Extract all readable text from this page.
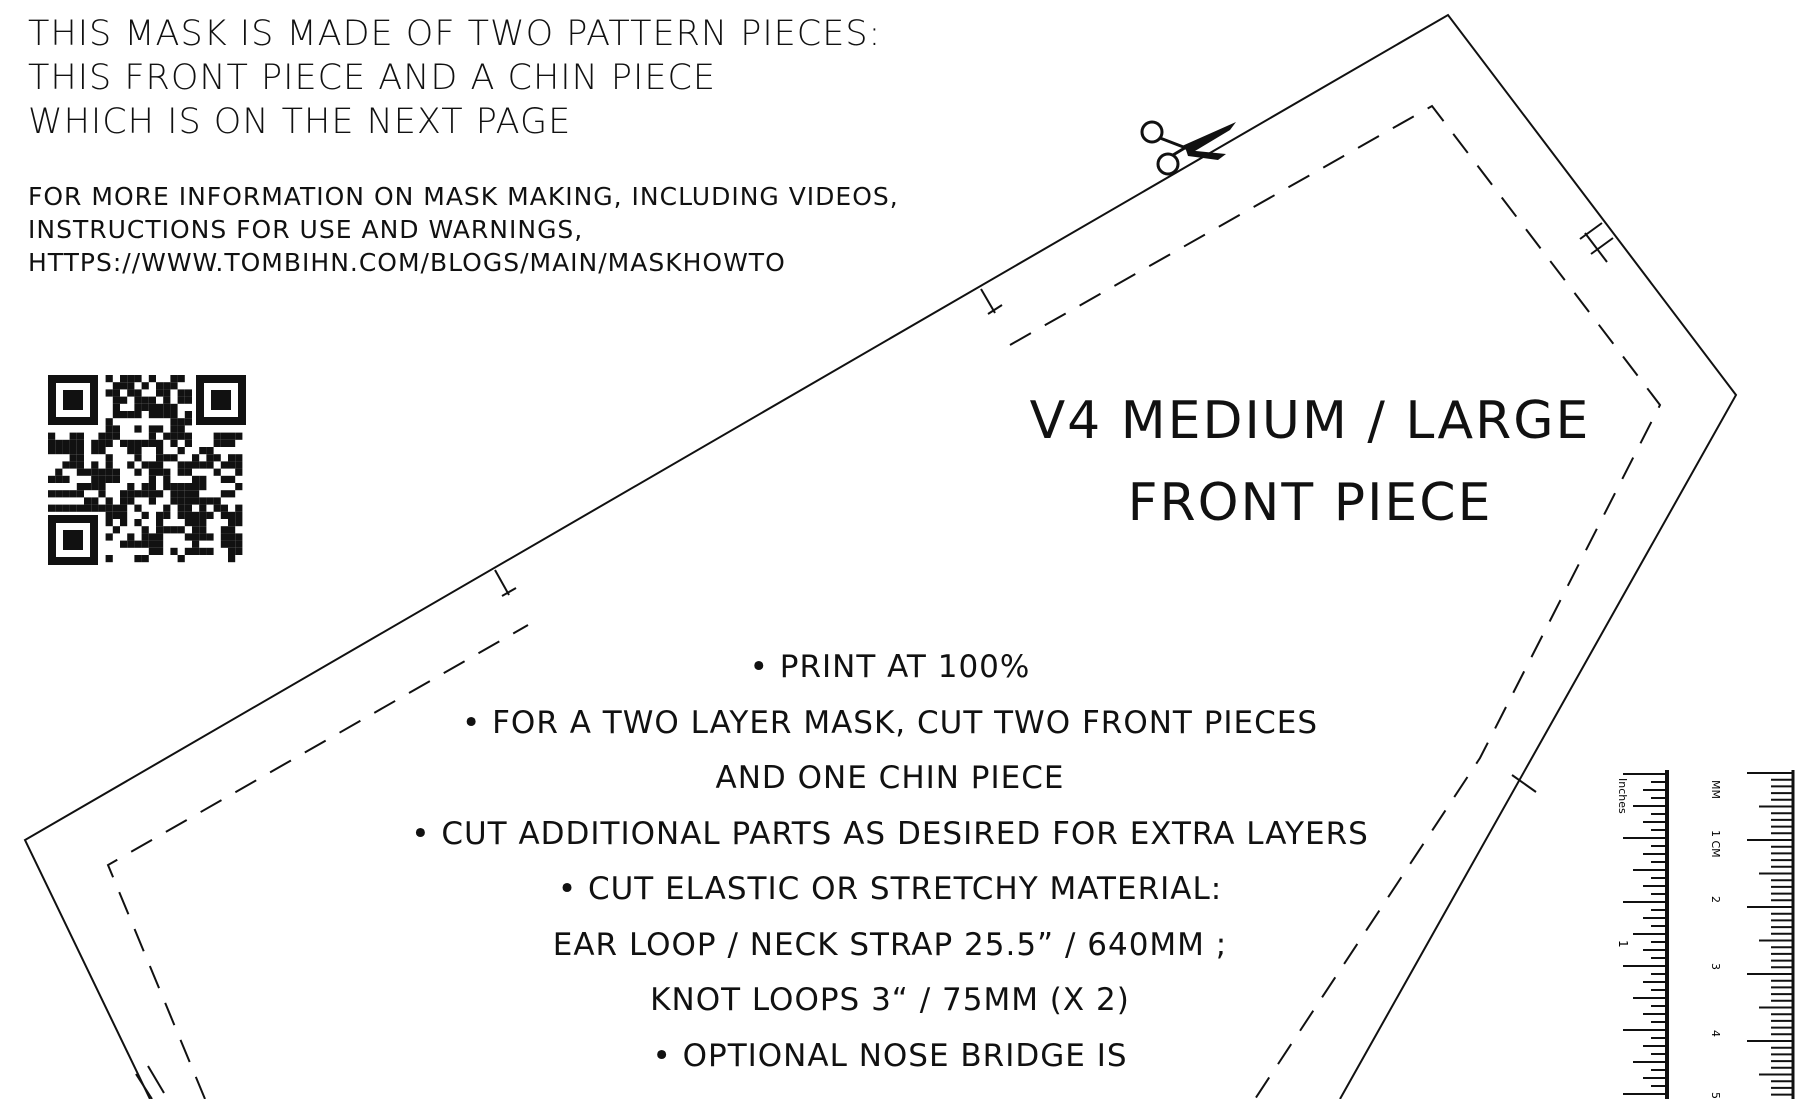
THIS MASK IS MADE OF TWO PATTERN PIECES:
THIS FRONT PIECE AND A CHIN PIECE
WHICH IS ON THE NEXT PAGE
FOR MORE INFORMATION ON MASK MAKING, INCLUDING VIDEOS,
INSTRUCTIONS FOR USE AND WARNINGS,
HTTPS://WWW.TOMBIHN.COM/BLOGS/MAIN/MASKHOWTO
V4 MEDIUM / LARGE
FRONT PIECE
• PRINT AT 100%
• FOR A TWO LAYER MASK, CUT TWO FRONT PIECES
AND ONE CHIN PIECE
• CUT ADDITIONAL PARTS AS DESIRED FOR EXTRA LAYERS
• CUT ELASTIC OR STRETCHY MATERIAL:
EAR LOOP / NECK STRAP 25.5” / 640MM ;
KNOT LOOPS 3“ / 75MM (X 2)
• OPTIONAL NOSE BRIDGE IS
Inches
1
MM
1 CM
2
3
4
5
